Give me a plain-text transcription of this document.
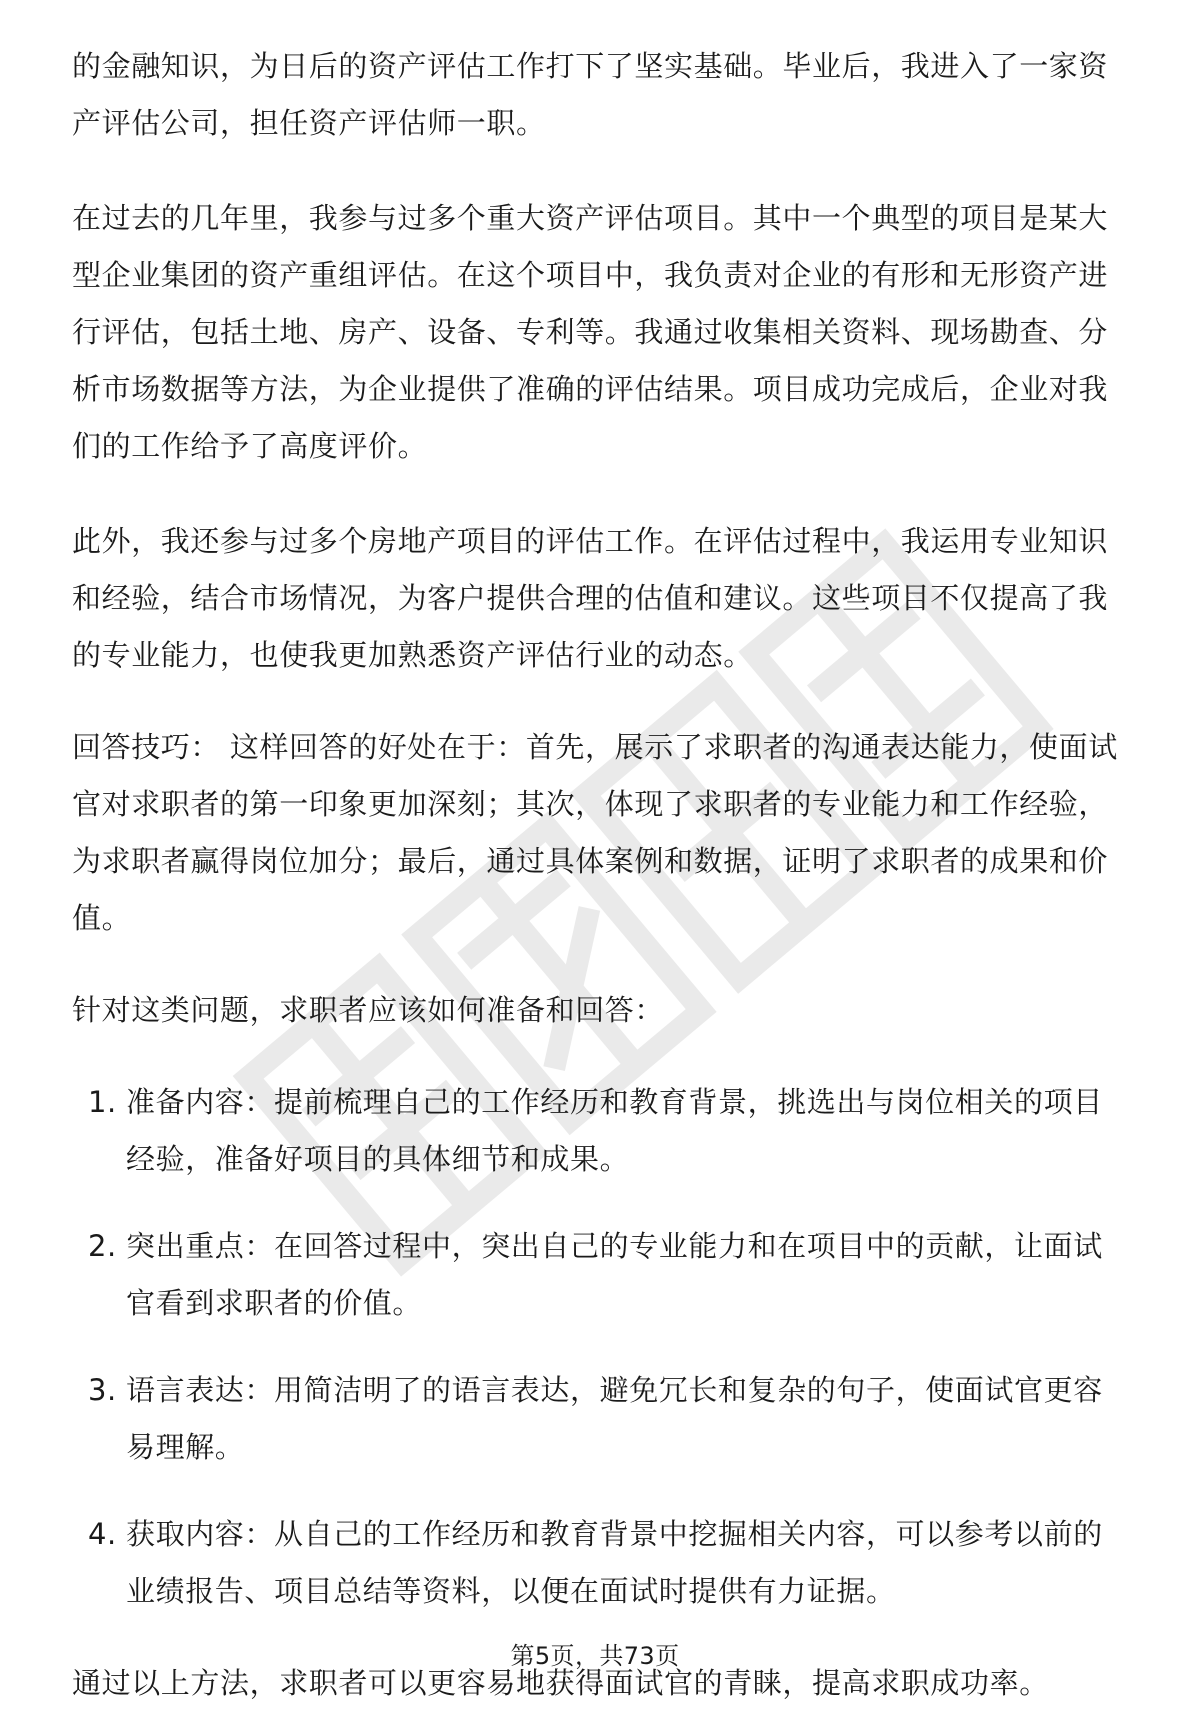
的金融知识，为日后的资产评估工作打下了坚实基础。毕业后，我进入了一家资产评估公司，担任资产评估师一职。

在过去的几年里，我参与过多个重大资产评估项目。其中一个典型的项目是某大型企业集团的资产重组评估。在这个项目中，我负责对企业的有形和无形资产进行评估，包括土地、房产、设备、专利等。我通过收集相关资料、现场勘查、分析市场数据等方法，为企业提供了准确的评估结果。项目成功完成后，企业对我们的工作给予了高度评价。

此外，我还参与过多个房地产项目的评估工作。在评估过程中，我运用专业知识和经验，结合市场情况，为客户提供合理的估值和建议。这些项目不仅提高了我的专业能力，也使我更加熟悉资产评估行业的动态。

回答技巧： 这样回答的好处在于：首先，展示了求职者的沟通表达能力，使面试官对求职者的第一印象更加深刻；其次，体现了求职者的专业能力和工作经验，为求职者赢得岗位加分；最后，通过具体案例和数据，证明了求职者的成果和价值。

针对这类问题，求职者应该如何准备和回答：

1. 准备内容：提前梳理自己的工作经历和教育背景，挑选出与岗位相关的项目经验，准备好项目的具体细节和成果。
2. 突出重点：在回答过程中，突出自己的专业能力和在项目中的贡献，让面试官看到求职者的价值。
3. 语言表达：用简洁明了的语言表达，避免冗长和复杂的句子，使面试官更容易理解。
4. 获取内容：从自己的工作经历和教育背景中挖掘相关内容，可以参考以前的业绩报告、项目总结等资料，以便在面试时提供有力证据。

通过以上方法，求职者可以更容易地获得面试官的青睐，提高求职成功率。

第5页，共73页
